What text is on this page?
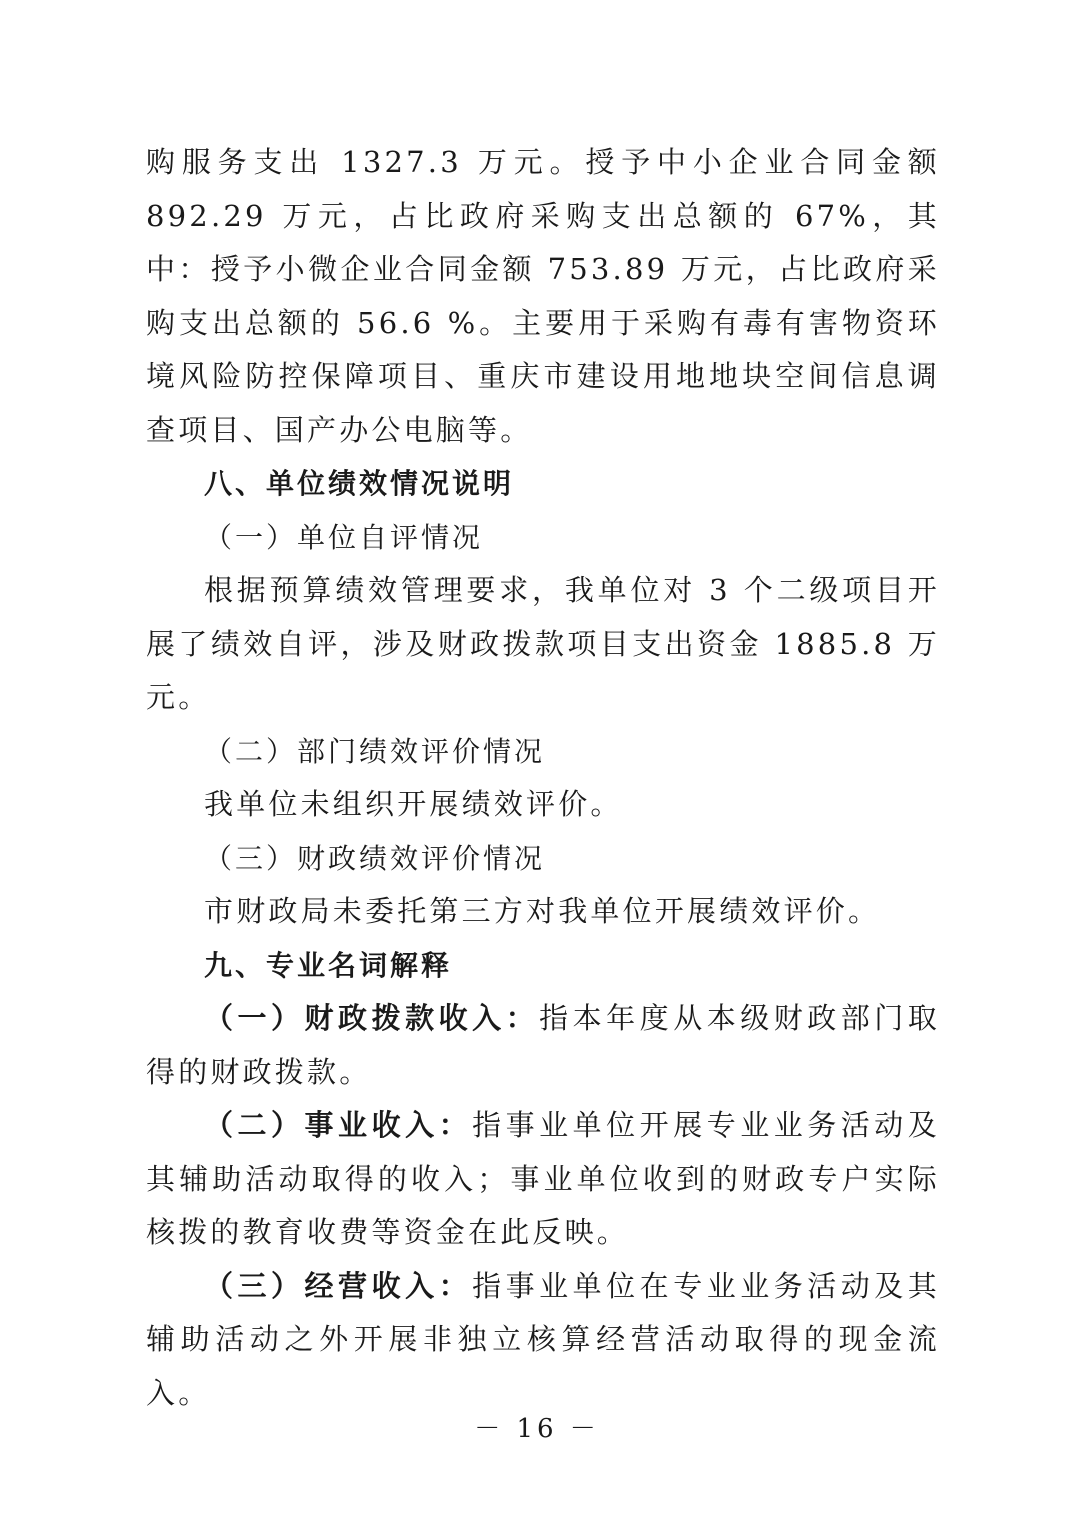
购服务支出 1327.3 万元。授予中小企业合同金额 892.29 万元，占比政府采购支出总额的 67%，其中：授予小微企业合同金额 753.89 万元，占比政府采购支出总额的 56.6 %。主要用于采购有毒有害物资环境风险防控保障项目、重庆市建设用地地块空间信息调查项目、国产办公电脑等。

八、单位绩效情况说明

（一）单位自评情况

根据预算绩效管理要求，我单位对 3 个二级项目开展了绩效自评，涉及财政拨款项目支出资金 1885.8 万元。

（二）部门绩效评价情况

我单位未组织开展绩效评价。

（三）财政绩效评价情况

市财政局未委托第三方对我单位开展绩效评价。

九、专业名词解释

（一）财政拨款收入：指本年度从本级财政部门取得的财政拨款。

（二）事业收入：指事业单位开展专业业务活动及其辅助活动取得的收入；事业单位收到的财政专户实际核拨的教育收费等资金在此反映。

（三）经营收入：指事业单位在专业业务活动及其辅助活动之外开展非独立核算经营活动取得的现金流入。

－ 16 －
